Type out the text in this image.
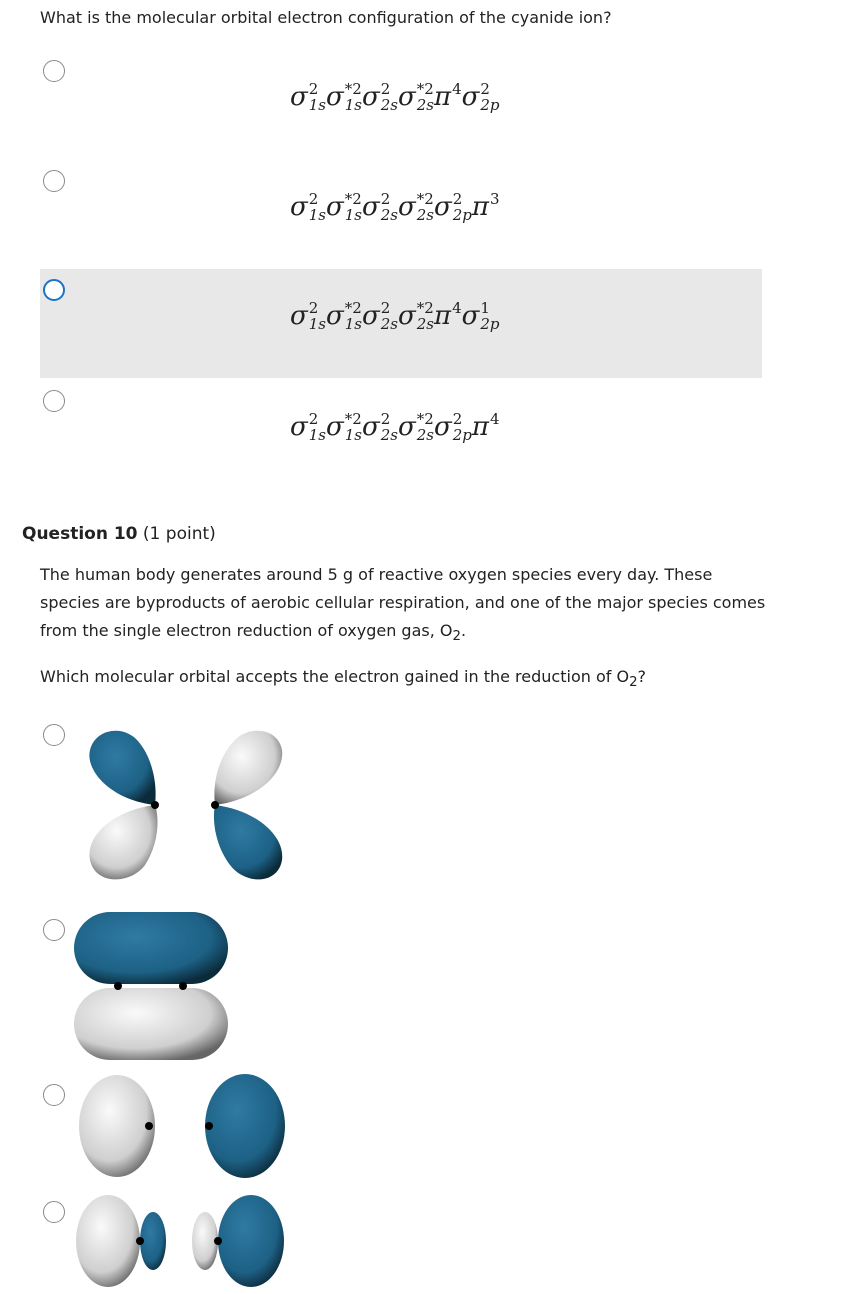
What is the molecular orbital electron configuration of the cyanide ion?
σ 2
1s σ *2
1s σ 2
2s σ *2
2s π 4 σ 2
2p
σ 2
1s σ *2
1s σ 2
2s σ *2
2s σ 2
2p π 3
σ 2
1s σ *2
1s σ 2
2s σ *2
2s π 4 σ 1
2p
σ 2
1s σ *2
1s σ 2
2s σ *2
2s σ 2
2p π 4
Question 10 (1 point)
The human body generates around 5 g of reactive oxygen species every day. These species are byproducts of aerobic cellular respiration, and one of the major species comes from the single electron reduction of oxygen gas, $O_2$.
Which molecular orbital accepts the electron gained in the reduction of $O_2$?
